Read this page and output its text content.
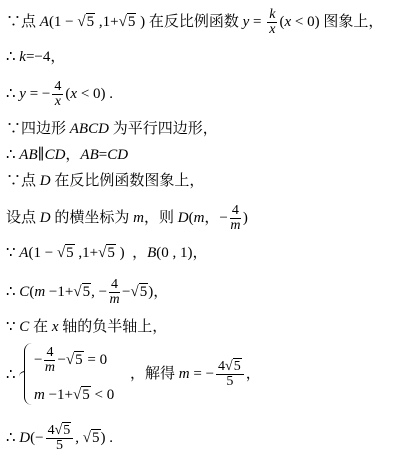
∵点 A(1 − √5 ,1+√5 ) 在反比例函数 $y = \frac{k}{x} (x < 0)$ 图象上，
∴ k=−4，
∴ y = − $\frac{4}{x} (x < 0)$ .
∵四边形 ABCD 为平行四边形，
∴ AB∥CD，AB=CD
∵点 D 在反比例函数图象上，
设点 D 的横坐标为 m，则 D(m，− $\frac{4}{m}$ )
∵ A(1 − √5 ,1+√5 )  ，B(0 , 1)，
∴ C(m −1+√5, − $\frac{4}{m} -√5$)，
∵ C 在 x 轴的负半轴上，
∴
− $\frac{4}{m} -√5 = 0$
m −1+√5 < 0
，解得 m = − $\frac{4√5}{5}$ ，
∴ $D(- \frac{4√5}{5}$ , √5) .
